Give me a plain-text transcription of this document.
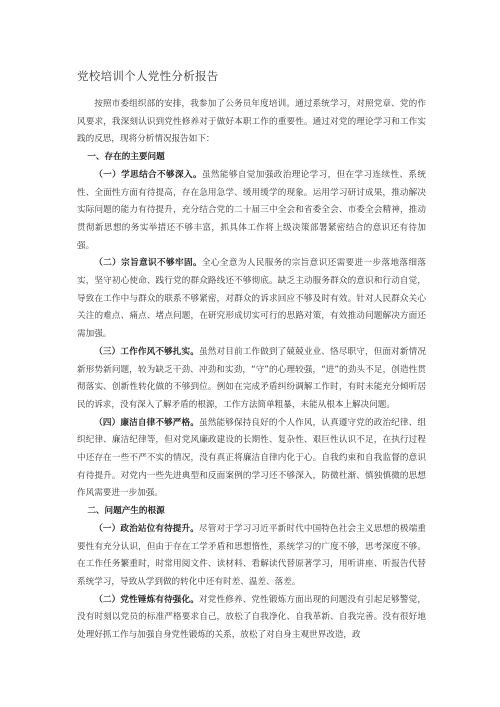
党校培训个人党性分析报告

按照市委组织部的安排，我参加了公务员年度培训。通过系统学习，对照党章、党的作风要求，我深刻认识到党性修养对于做好本职工作的重要性。通过对党的理论学习和工作实践的反思，现将分析情况报告如下：

一、存在的主要问题

（一）学思结合不够深入。虽然能够自觉加强政治理论学习，但在学习连续性、系统性、全面性方面有待提高，存在急用急学、缓用缓学的现象。运用学习研讨成果，推动解决实际问题的能力有待提升，充分结合党的二十届三中全会和省委全会、市委全会精神，推动贯彻新思想的务实举措还不够丰富，抓具体工作将上级决策部署紧密结合的意识还有待加强。

（二）宗旨意识不够牢固。全心全意为人民服务的宗旨意识还需要进一步落地落细落实，坚守初心使命、践行党的群众路线还不够彻底。缺乏主动服务群众的意识和行动自觉，导致在工作中与群众的联系不够紧密，对群众的诉求回应不够及时有效。针对人民群众关心关注的难点、痛点、堵点问题，在研究形成切实可行的思路对策，有效推动问题解决方面还需加强。

（三）工作作风不够扎实。虽然对目前工作做到了兢兢业业、恪尽职守，但面对新情况新形势新问题，较为缺乏干劲、冲劲和实劲，“守”的心理较强，“进”的劲头不足，创造性贯彻落实、创新性转化做的不够到位。例如在完成矛盾纠纷调解工作时，有时未能充分倾听居民的诉求，没有深入了解矛盾的根源，工作方法简单粗暴，未能从根本上解决问题。

（四）廉洁自律不够严格。虽然能够保持良好的个人作风，认真遵守党的政治纪律、组织纪律、廉洁纪律等，但对党风廉政建设的长期性、复杂性、艰巨性认识不足，在执行过程中还存在一些不严不实的情况，没有真正将廉洁自律内化于心。自我约束和自我监督的意识有待提升。对党内一些先进典型和反面案例的学习还不够深入，防微杜渐、慎独慎微的思想作风需要进一步加强。

二、问题产生的根源

（一）政治站位有待提升。尽管对于学习习近平新时代中国特色社会主义思想的极端重要性有充分认识，但由于存在工学矛盾和思想惰性，系统学习的广度不够，思考深度不够。在工作任务繁重时，时常用阅文件、读材料、看解读代替原著学习，用听讲座、听报告代替系统学习，导致从学到做的转化中还有时差、温差、落差。

（二）党性锤炼有待强化。对党性修养、党性锻炼方面出现的问题没有引起足够警觉，没有时刻以党员的标准严格要求自己，放松了自我净化、自我革新、自我完善。没有很好地处理好抓工作与加强自身党性锻炼的关系，放松了对自身主观世界改造，政
